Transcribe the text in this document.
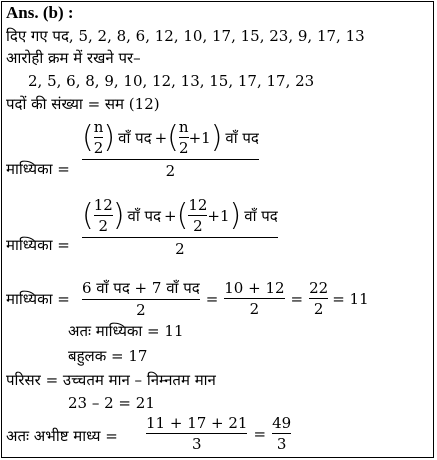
Ans. (b) :
दिए गए पद, 5, 2, 8, 6, 12, 10, 17, 15, 23, 9, 17, 13
आरोही क्रम में रखने पर–
2, 5, 6, 8, 9, 10, 12, 13, 15, 17, 17, 23
पदों की संख्या = सम (12)
माध्यिका =
( n
2 ) वाँ पद + ( n
2
+1 ) वाँ पद
2
माध्यिका =
( 12
2 ) वाँ पद + ( 12
2
+1 ) वाँ पद
2
माध्यिका =
6 वाँ पद + 7 वाँ पद
2
=
10 + 12
2
=
22
2
= 11
अतः माध्यिका = 11
बहुलक = 17
परिसर = उच्चतम मान – निम्नतम मान
23 – 2 = 21
अतः अभीष्ट माध्य =
11 + 17 + 21
3
=
49
3
